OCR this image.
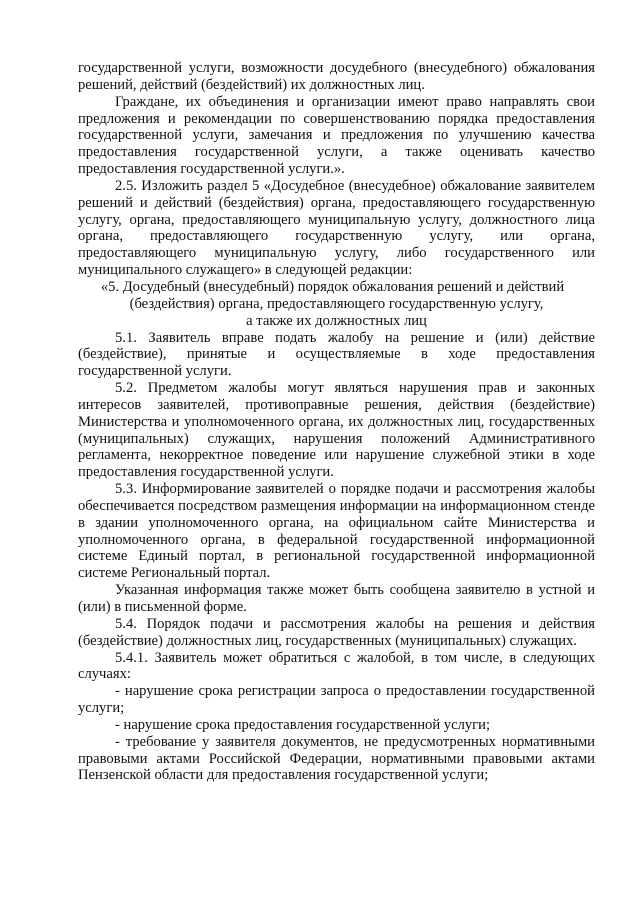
государственной услуги, возможности досудебного (внесудебного) обжалования решений, действий (бездействий) их должностных лиц.

Граждане, их объединения и организации имеют право направлять свои предложения и рекомендации по совершенствованию порядка предоставления государственной услуги, замечания и предложения по улучшению качества предоставления государственной услуги, а также оценивать качество предоставления государственной услуги.».

2.5. Изложить раздел 5 «Досудебное (внесудебное) обжалование заявителем решений и действий (бездействия) органа, предоставляющего государственную услугу, органа, предоставляющего муниципальную услугу, должностного лица органа, предоставляющего государственную услугу, или органа, предоставляющего муниципальную услугу, либо государственного или муниципального служащего» в следующей редакции:

«5. Досудебный (внесудебный) порядок обжалования решений и действий

(бездействия) органа, предоставляющего государственную услугу,

а также их должностных лиц

5.1. Заявитель вправе подать жалобу на решение и (или) действие (бездействие), принятые и осуществляемые в ходе предоставления государственной услуги.

5.2. Предметом жалобы могут являться нарушения прав и законных интересов заявителей, противоправные решения, действия (бездействие) Министерства и уполномоченного органа, их должностных лиц, государственных (муниципальных) служащих, нарушения положений Административного регламента, некорректное поведение или нарушение служебной этики в ходе предоставления государственной услуги.

5.3. Информирование заявителей о порядке подачи и рассмотрения жалобы обеспечивается посредством размещения информации на информационном стенде в здании уполномоченного органа, на официальном сайте Министерства и уполномоченного органа, в федеральной государственной информационной системе Единый портал, в региональной государственной информационной системе Региональный портал.

Указанная информация также может быть сообщена заявителю в устной и (или) в письменной форме.

5.4. Порядок подачи и рассмотрения жалобы на решения и действия (бездействие) должностных лиц, государственных (муниципальных) служащих.

5.4.1. Заявитель может обратиться с жалобой, в том числе, в следующих случаях:

- нарушение срока регистрации запроса о предоставлении государственной услуги;

- нарушение срока предоставления государственной услуги;

- требование у заявителя документов, не предусмотренных нормативными правовыми актами Российской Федерации, нормативными правовыми актами Пензенской области для предоставления государственной услуги;
